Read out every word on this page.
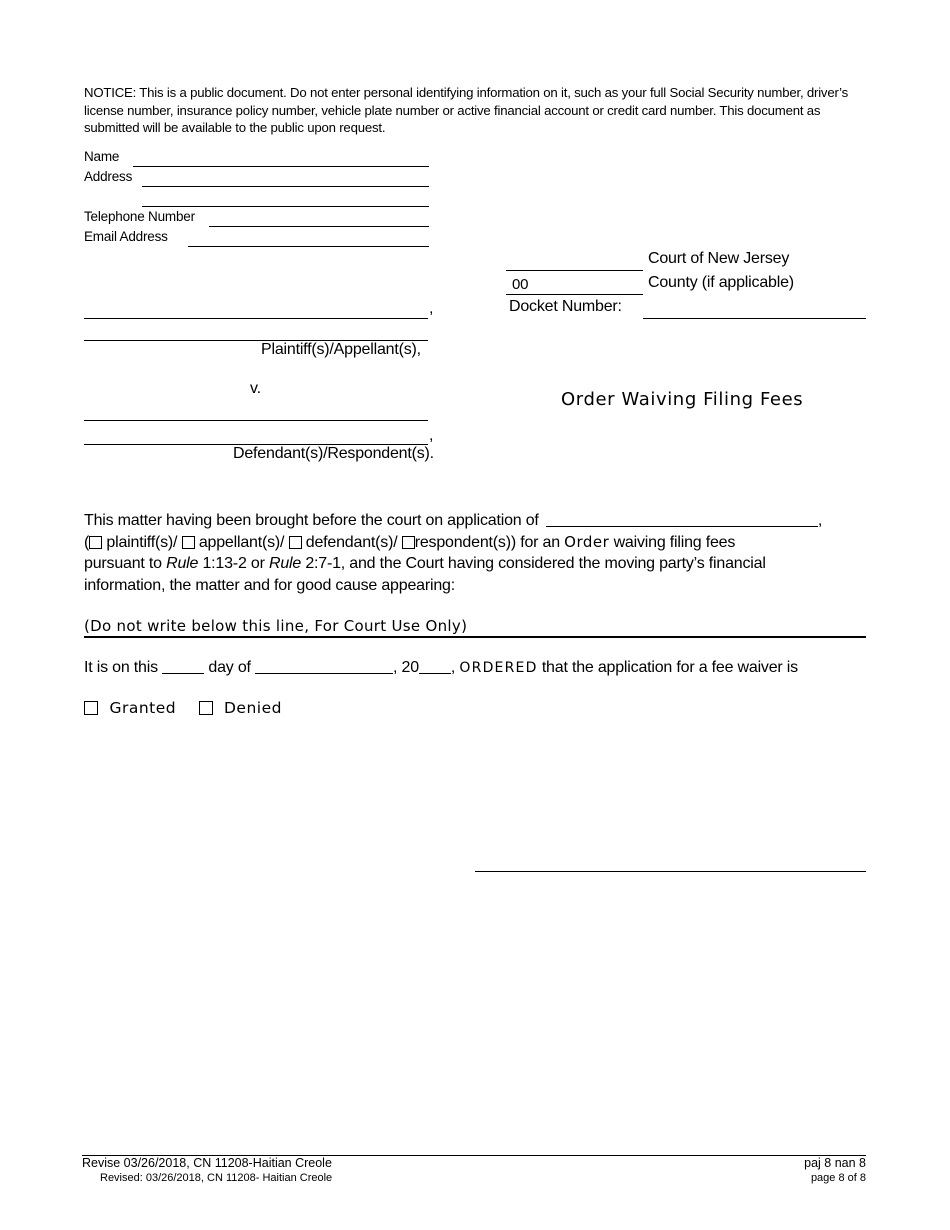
NOTICE: This is a public document. Do not enter personal identifying information on it, such as your full Social Security number, driver’s license number, insurance policy number, vehicle plate number or active financial account or credit card number. This document as submitted will be available to the public upon request.
Name
Address
Telephone Number
Email Address
Court of New Jersey
00	County (if applicable)
Docket Number:
,
Plaintiff(s)/Appellant(s),
v.
,
Defendant(s)/Respondent(s).
Order Waiving Filing Fees
This matter having been brought before the court on application of	,
( plaintiff(s)/ appellant(s)/ defendant(s)/ respondent(s)) for an Order waiving filing fees
pursuant to Rule 1:13-2 or Rule 2:7-1, and the Court having considered the moving party’s financial
information, the matter and for good cause appearing:
(Do not write below this line, For Court Use Only)
It is on this	day of	, 20 , ORDERED that the application for a fee waiver is
Granted	Denied
Revise 03/26/2018, CN 11208-Haitian Creole
Revised: 03/26/2018, CN 11208- Haitian Creole
paj 8 nan 8
page 8 of 8
